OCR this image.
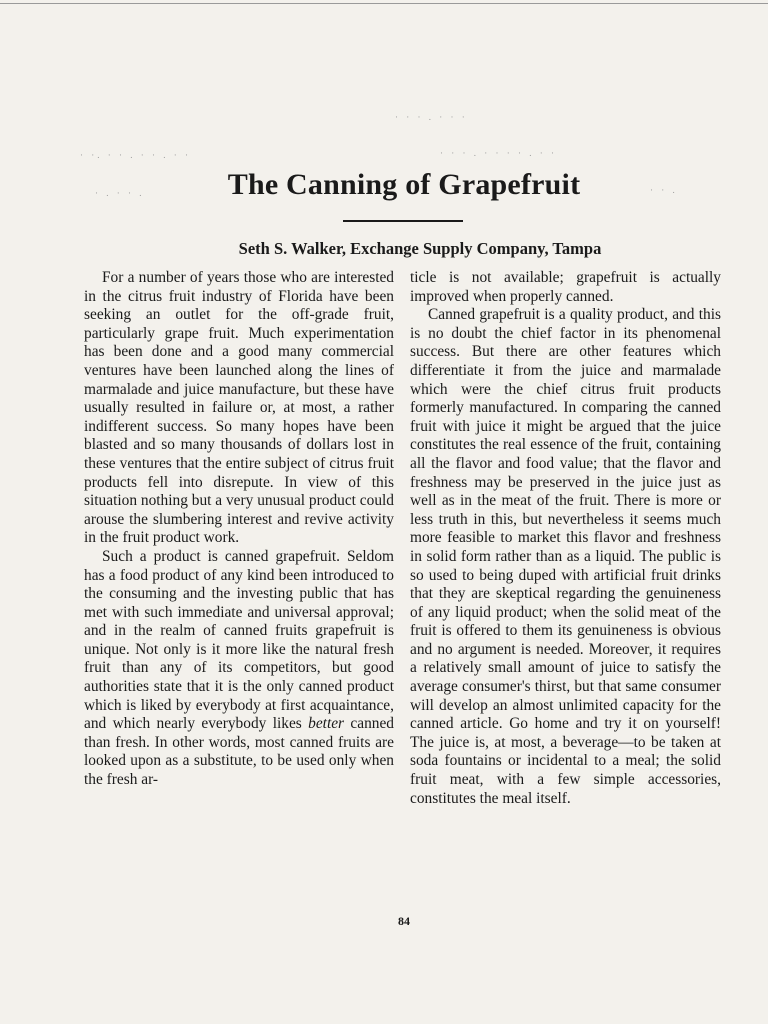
· ·. · · . · · . · ·
· · · . · · ·
· · · . · · · · . · ·
· . · · .	· · .
The Canning of Grapefruit
Seth S. Walker, Exchange Supply Company, Tampa

For a number of years those who are interested in the citrus fruit industry of Florida have been seeking an outlet for the off-grade fruit, particularly grape fruit. Much experimentation has been done and a good many commercial ventures have been launched along the lines of marmalade and juice manufacture, but these have usually resulted in failure or, at most, a rather indifferent success. So many hopes have been blasted and so many thousands of dollars lost in these ventures that the entire subject of citrus fruit products fell into disrepute. In view of this situation nothing but a very unusual product could arouse the slumbering interest and revive activity in the fruit product work.

Such a product is canned grapefruit. Seldom has a food product of any kind been introduced to the consuming and the investing public that has met with such immediate and universal approval; and in the realm of canned fruits grapefruit is unique. Not only is it more like the natural fresh fruit than any of its competitors, but good authorities state that it is the only canned product which is liked by everybody at first acquaintance, and which nearly everybody likes better canned than fresh. In other words, most canned fruits are looked upon as a substitute, to be used only when the fresh ar-

ticle is not available; grapefruit is actually improved when properly canned.

Canned grapefruit is a quality product, and this is no doubt the chief factor in its phenomenal success. But there are other features which differentiate it from the juice and marmalade which were the chief citrus fruit products formerly manufactured. In comparing the canned fruit with juice it might be argued that the juice constitutes the real essence of the fruit, containing all the flavor and food value; that the flavor and freshness may be preserved in the juice just as well as in the meat of the fruit. There is more or less truth in this, but nevertheless it seems much more feasible to market this flavor and freshness in solid form rather than as a liquid. The public is so used to being duped with artificial fruit drinks that they are skeptical regarding the genuineness of any liquid product; when the solid meat of the fruit is offered to them its genuineness is obvious and no argument is needed. Moreover, it requires a relatively small amount of juice to satisfy the average consumer's thirst, but that same consumer will develop an almost unlimited capacity for the canned article. Go home and try it on yourself! The juice is, at most, a beverage—to be taken at soda fountains or incidental to a meal; the solid fruit meat, with a few simple accessories, constitutes the meal itself.

84
